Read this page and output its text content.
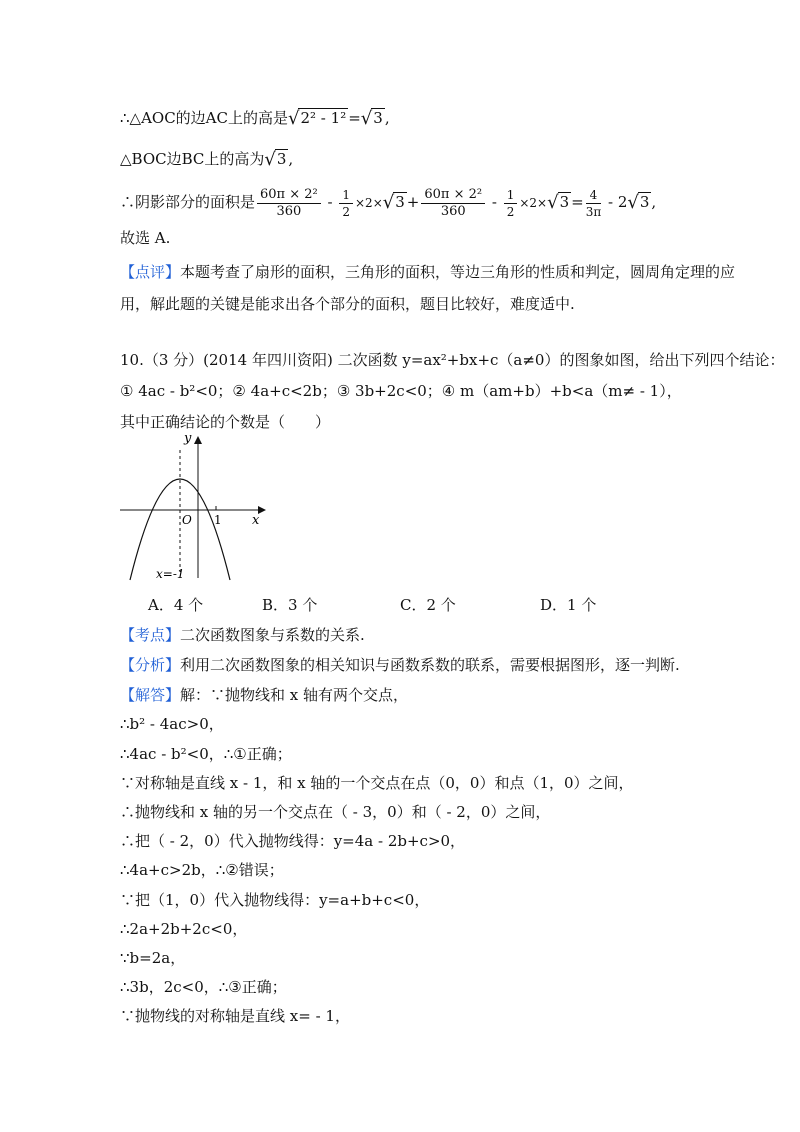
∴△AOC的边AC上的高是√2² - 1² =√3 ,
△BOC边BC上的高为√3 ,
∴阴影部分的面积是 $\frac{\text{60π × 2²}}{360} - \frac{1}{2} \times 2\times√3 + \frac{\text{60π × 2²}}{360} - \frac{1}{2} \times 2\times√3 = \frac{4}{3\pi} - 2√3$ ,
故选 A.
【点评】本题考查了扇形的面积，三角形的面积，等边三角形的性质和判定，圆周角定理的应
用，解此题的关键是能求出各个部分的面积，题目比较好，难度适中.
10.（3 分）(2014 年四川资阳) 二次函数 y=ax²+bx+c（a≠0）的图象如图，给出下列四个结论：
① 4ac - b²<0；② 4a+c<2b；③ 3b+2c<0；④ m（am+b）+b<a（m≠ - 1），
其中正确结论的个数是（　　）
y
x
O 1
x=-1
A．4 个	B．3 个	C．2 个	D．1 个
【考点】二次函数图象与系数的关系.
【分析】利用二次函数图象的相关知识与函数系数的联系，需要根据图形，逐一判断.
【解答】解：∵抛物线和 x 轴有两个交点，
∴b² - 4ac>0，
∴4ac - b²<0，∴①正确；
∵对称轴是直线 x - 1，和 x 轴的一个交点在点（0，0）和点（1，0）之间，
∴抛物线和 x 轴的另一个交点在（ - 3，0）和（ - 2，0）之间，
∴把（ - 2，0）代入抛物线得：y=4a - 2b+c>0，
∴4a+c>2b，∴②错误；
∵把（1，0）代入抛物线得：y=a+b+c<0，
∴2a+2b+2c<0，
∵b=2a，
∴3b，2c<0，∴③正确；
∵抛物线的对称轴是直线 x= - 1，
